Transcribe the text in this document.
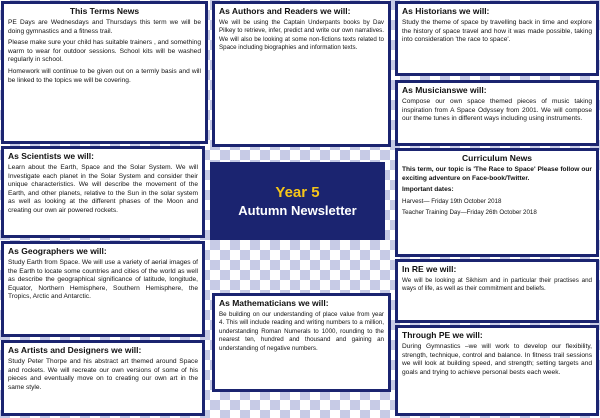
This Terms News

PE Days are Wednesdays and Thursdays this term we will be doing gymnastics and a fitness trail.

Please make sure your child has suitable trainers , and something warm to wear for outdoor sessions. School kits will be washed regularly in school.

Homework will continue to be given out on a termly basis and will be linked to the topics we will be covering.

As Authors and Readers we will:

We will be using the Captain Underpants books by Dav Pilkey to retrieve, infer, predict and write our own narratives. We will also be looking at some non-fictions texts related to Space including biographies and information texts.

As Historians we will:

Study the theme of space by travelling back in time and explore the history of space travel and how it was made possible, taking into consideration 'the race to space'.

As Musicianswe will:

Compose our own space themed pieces of music taking inspiration from A Space Odyssey from 2001. We will compose our theme tunes in different ways including using instruments.

As Scientists we will:

Learn about the Earth, Space and the Solar System. We will Investigate each planet in the Solar System and consider their unique characteristics. We will describe the movement of the Earth, and other planets, relative to the Sun in the solar system as well as looking at the different phases of the Moon and creating our own air powered rockets.

Year 5
Autumn Newsletter
Curriculum News

This term, our topic is 'The Race to Space' Please follow our exciting adventure on Face-book/Twitter.

Important dates:

Harvest— Friday 19th October 2018

Teacher Training Day—Friday 26th October 2018

As Geographers we will:

Study Earth from Space. We will use a variety of aerial images of the Earth to locate some countries and cities of the world as well as describe the geographical significance of latitude, longitude, Equator, Northern Hemisphere, Southern Hemisphere, the Tropics, Arctic and Antarctic.

As Mathematicians we will:

Be building on our understanding of place value from year 4. This will include reading and writing numbers to a million, understanding Roman Numerals to 1000, rounding to the nearest ten, hundred and thousand and gaining an understanding of negative numbers.

In RE we will:

We will be looking at Sikhism and in particular their practises and ways of life, as well as their commitment and beliefs.

As Artists and Designers we will:

Study Peter Thorpe and his abstract art themed around Space and rockets. We will recreate our own versions of some of his pieces and eventually move on to creating our own art in the same style.

Through PE we will:

During Gymnastics –we will work to develop our flexibility, strength, technique, control and balance. In fitness trail sessions we will look at building speed, and strength; setting targets and goals and trying to achieve personal bests each week.
